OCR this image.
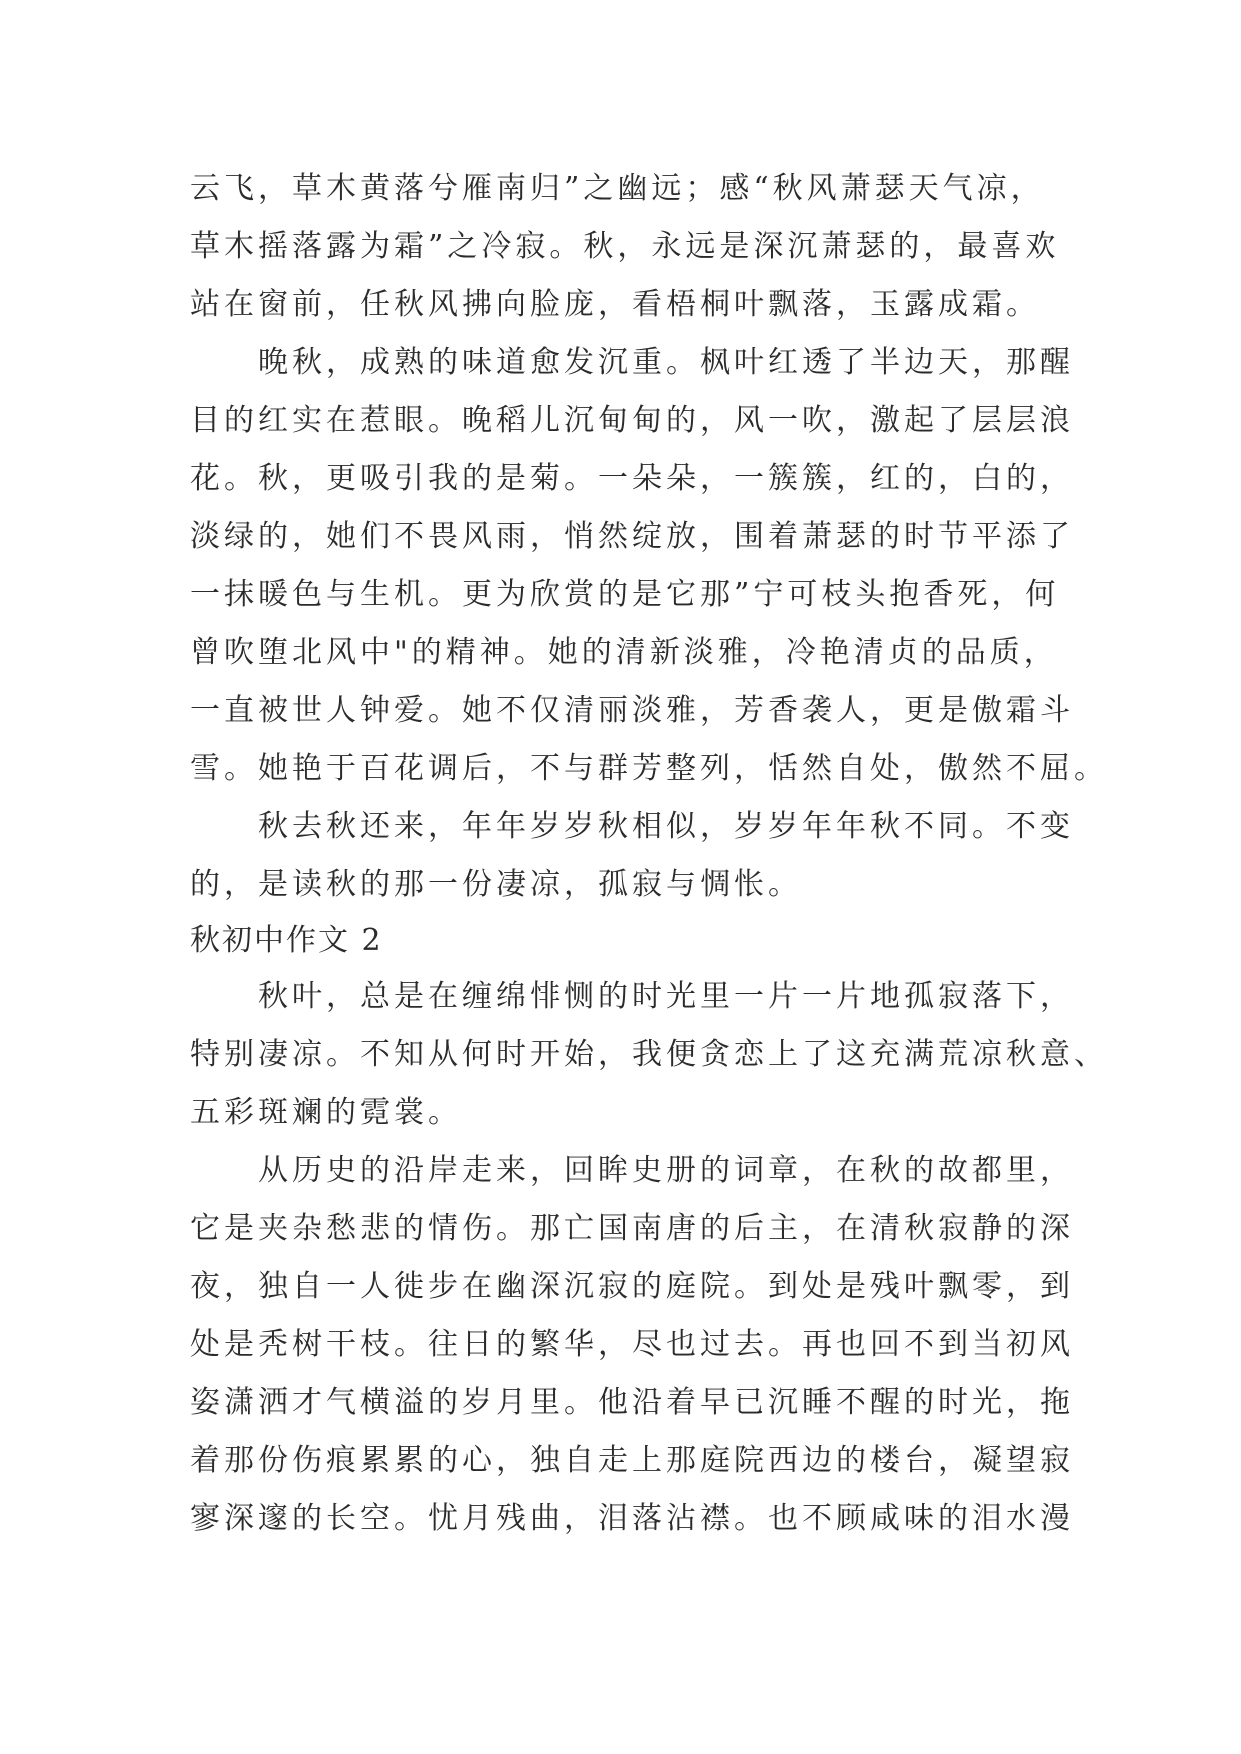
云飞，草木黄落兮雁南归”之幽远；感“秋风萧瑟天气凉，
草木摇落露为霜”之冷寂。秋，永远是深沉萧瑟的，最喜欢
站在窗前，任秋风拂向脸庞，看梧桐叶飘落，玉露成霜。
晚秋，成熟的味道愈发沉重。枫叶红透了半边天，那醒
目的红实在惹眼。晚稻儿沉甸甸的，风一吹，激起了层层浪
花。秋，更吸引我的是菊。一朵朵，一簇簇，红的，白的，
淡绿的，她们不畏风雨，悄然绽放，围着萧瑟的时节平添了
一抹暖色与生机。更为欣赏的是它那”宁可枝头抱香死，何
曾吹堕北风中"的精神。她的清新淡雅，冷艳清贞的品质，
一直被世人钟爱。她不仅清丽淡雅，芳香袭人，更是傲霜斗
雪。她艳于百花调后，不与群芳整列，恬然自处，傲然不屈。
秋去秋还来，年年岁岁秋相似，岁岁年年秋不同。不变
的，是读秋的那一份凄凉，孤寂与惆怅。
秋初中作文 2
秋叶，总是在缠绵悱恻的时光里一片一片地孤寂落下，
特别凄凉。不知从何时开始，我便贪恋上了这充满荒凉秋意、
五彩斑斓的霓裳。
从历史的沿岸走来，回眸史册的词章，在秋的故都里，
它是夹杂愁悲的情伤。那亡国南唐的后主，在清秋寂静的深
夜，独自一人徙步在幽深沉寂的庭院。到处是残叶飘零，到
处是秃树干枝。往日的繁华，尽也过去。再也回不到当初风
姿潇洒才气横溢的岁月里。他沿着早已沉睡不醒的时光，拖
着那份伤痕累累的心，独自走上那庭院西边的楼台，凝望寂
寥深邃的长空。忧月残曲，泪落沾襟。也不顾咸味的泪水漫
